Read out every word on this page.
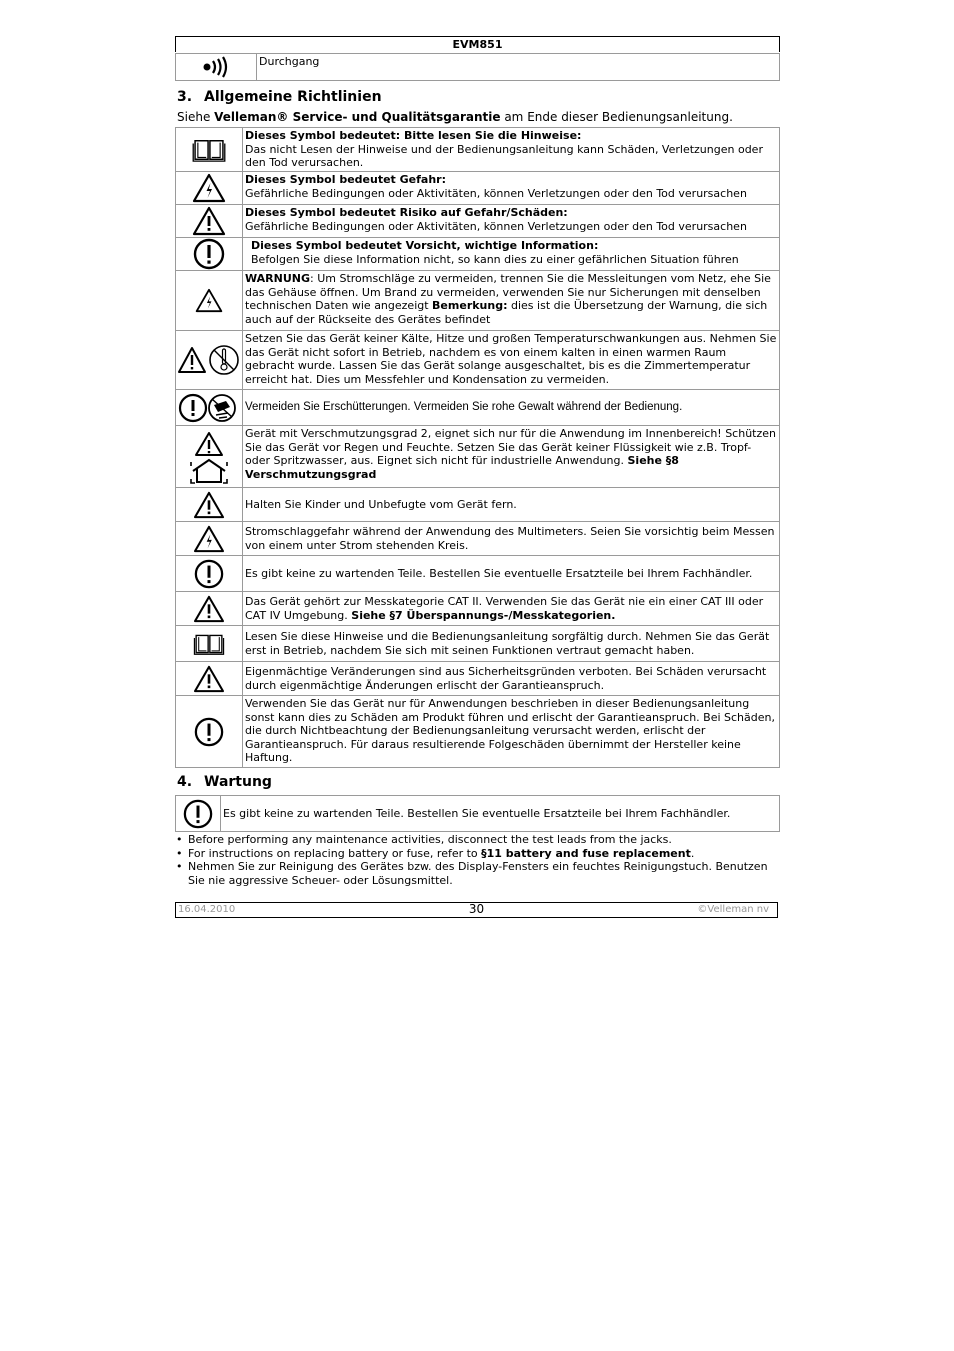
EVM851
	Durchgang
3. Allgemeine Richtlinien
Siehe Velleman® Service- und Qualitätsgarantie am Ende dieser Bedienungsanleitung.
	Dieses Symbol bedeutet: Bitte lesen Sie die Hinweise:
Das nicht Lesen der Hinweise und der Bedienungsanleitung kann Schäden, Verletzungen oder den Tod verursachen.

	Dieses Symbol bedeutet Gefahr:
Gefährliche Bedingungen oder Aktivitäten, können Verletzungen oder den Tod verursachen

	Dieses Symbol bedeutet Risiko auf Gefahr/Schäden:
Gefährliche Bedingungen oder Aktivitäten, können Verletzungen oder den Tod verursachen

	Dieses Symbol bedeutet Vorsicht, wichtige Information:
Befolgen Sie diese Information nicht, so kann dies zu einer gefährlichen Situation führen

	WARNUNG: Um Stromschläge zu vermeiden, trennen Sie die Messleitungen vom Netz, ehe Sie das Gehäuse öffnen. Um Brand zu vermeiden, verwenden Sie nur Sicherungen mit denselben technischen Daten wie angezeigt Bemerkung: dies ist die Übersetzung der Warnung, die sich auch auf der Rückseite des Gerätes befindet

	Setzen Sie das Gerät keiner Kälte, Hitze und großen Temperaturschwankungen aus. Nehmen Sie das Gerät nicht sofort in Betrieb, nachdem es von einem kalten in einen warmen Raum gebracht wurde. Lassen Sie das Gerät solange ausgeschaltet, bis es die Zimmertemperatur erreicht hat. Dies um Messfehler und Kondensation zu vermeiden.

	Vermeiden Sie Erschütterungen. Vermeiden Sie rohe Gewalt während der Bedienung.

	Gerät mit Verschmutzungsgrad 2, eignet sich nur für die Anwendung im Innenbereich! Schützen Sie das Gerät vor Regen und Feuchte. Setzen Sie das Gerät keiner Flüssigkeit wie z.B. Tropf- oder Spritzwasser, aus. Eignet sich nicht für industrielle Anwendung. Siehe §8 Verschmutzungsgrad

	Halten Sie Kinder und Unbefugte vom Gerät fern.

	Stromschlaggefahr während der Anwendung des Multimeters. Seien Sie vorsichtig beim Messen von einem unter Strom stehenden Kreis.

	Es gibt keine zu wartenden Teile. Bestellen Sie eventuelle Ersatzteile bei Ihrem Fachhändler.

	Das Gerät gehört zur Messkategorie CAT II. Verwenden Sie das Gerät nie ein einer CAT III oder CAT IV Umgebung. Siehe §7 Überspannungs-/Messkategorien.

	Lesen Sie diese Hinweise und die Bedienungsanleitung sorgfältig durch. Nehmen Sie das Gerät erst in Betrieb, nachdem Sie sich mit seinen Funktionen vertraut gemacht haben.

	Eigenmächtige Veränderungen sind aus Sicherheitsgründen verboten. Bei Schäden verursacht durch eigenmächtige Änderungen erlischt der Garantieanspruch.

	Verwenden Sie das Gerät nur für Anwendungen beschrieben in dieser Bedienungsanleitung sonst kann dies zu Schäden am Produkt führen und erlischt der Garantieanspruch. Bei Schäden, die durch Nichtbeachtung der Bedienungsanleitung verursacht werden, erlischt der Garantieanspruch. Für daraus resultierende Folgeschäden übernimmt der Hersteller keine Haftung.
4. Wartung
	Es gibt keine zu wartenden Teile. Bestellen Sie eventuelle Ersatzteile bei Ihrem Fachhändler.
• Before performing any maintenance activities, disconnect the test leads from the jacks.
• For instructions on replacing battery or fuse, refer to §11 battery and fuse replacement.
• Nehmen Sie zur Reinigung des Gerätes bzw. des Display-Fensters ein feuchtes Reinigungstuch. Benutzen Sie nie aggressive Scheuer- oder Lösungsmittel.
16.04.2010	30	©Velleman nv
